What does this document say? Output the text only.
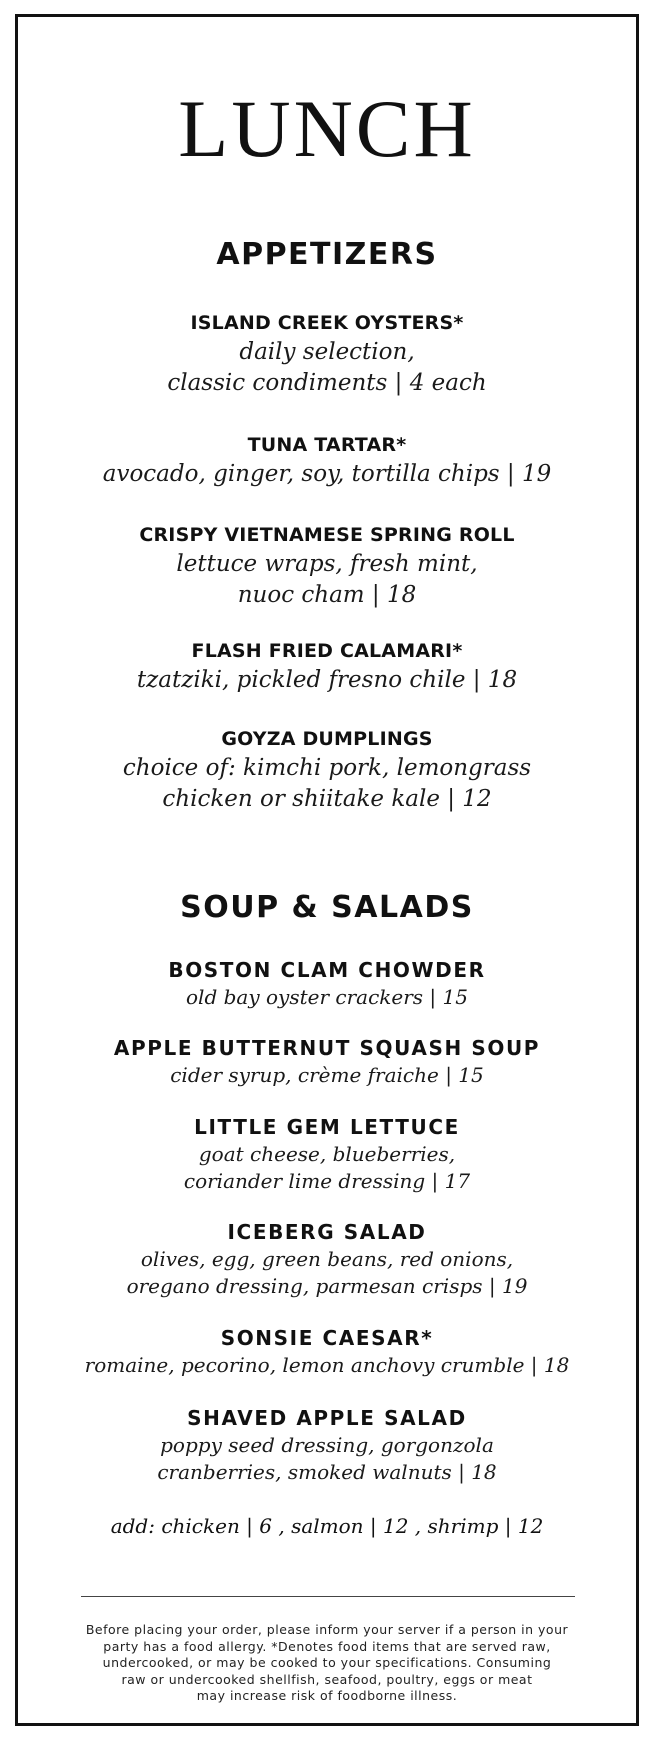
LUNCH
APPETIZERS
ISLAND CREEK OYSTERS*
daily selection,
classic condiments | 4 each
TUNA TARTAR*
avocado, ginger, soy, tortilla chips | 19
CRISPY VIETNAMESE SPRING ROLL
lettuce wraps, fresh mint,
nuoc cham | 18
FLASH FRIED CALAMARI*
tzatziki, pickled fresno chile | 18
GOYZA DUMPLINGS
choice of: kimchi pork, lemongrass
chicken or shiitake kale | 12
SOUP & SALADS
BOSTON CLAM CHOWDER
old bay oyster crackers | 15
APPLE BUTTERNUT SQUASH SOUP
cider syrup, crème fraiche | 15
LITTLE GEM LETTUCE
goat cheese, blueberries,
coriander lime dressing | 17
ICEBERG SALAD
olives, egg, green beans, red onions,
oregano dressing, parmesan crisps | 19
SONSIE CAESAR*
romaine, pecorino, lemon anchovy crumble | 18
SHAVED APPLE SALAD
poppy seed dressing, gorgonzola
cranberries, smoked walnuts | 18
add: chicken | 6 , salmon | 12 , shrimp | 12
Before placing your order, please inform your server if a person in your
party has a food allergy. *Denotes food items that are served raw,
undercooked, or may be cooked to your specifications. Consuming
raw or undercooked shellfish, seafood, poultry, eggs or meat
may increase risk of foodborne illness.
